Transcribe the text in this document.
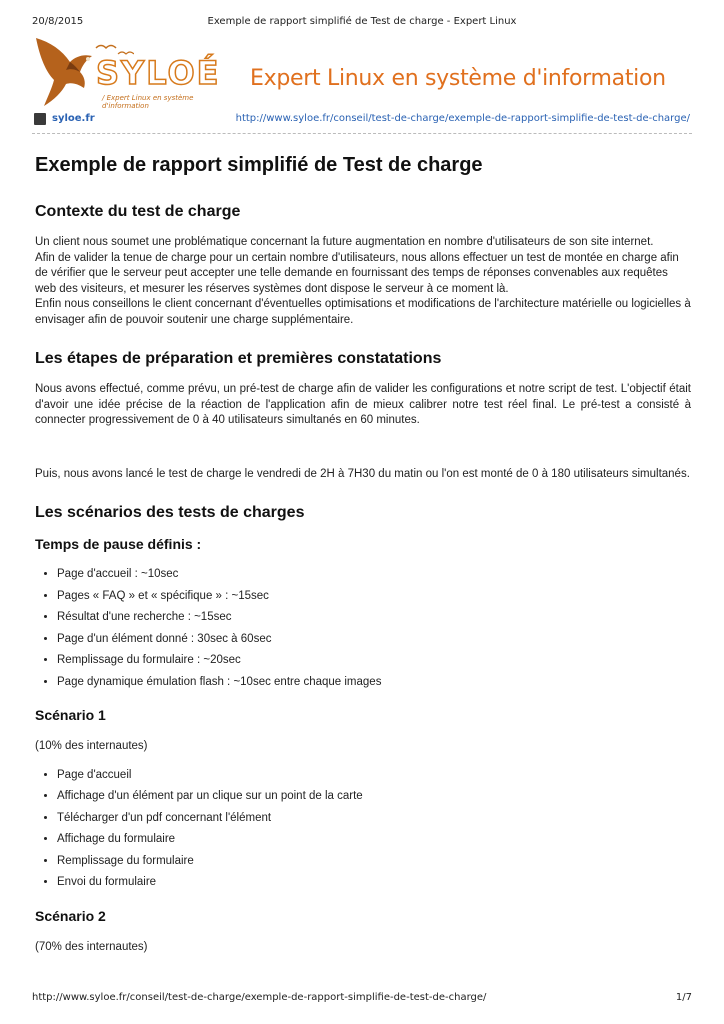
20/8/2015	Exemple de rapport simplifié de Test de charge - Expert Linux
SYLOÉ
/ Expert Linux en système d'information
Expert Linux en système d'information
syloe.fr	http://www.syloe.fr/conseil/test-de-charge/exemple-de-rapport-simplifie-de-test-de-charge/
Exemple de rapport simplifié de Test de charge
Contexte du test de charge

Un client nous soumet une problématique concernant la future augmentation en nombre d'utilisateurs de son site internet.
Afin de valider la tenue de charge pour un certain nombre d'utilisateurs, nous allons effectuer un test de montée en charge afin de vérifier que le serveur peut accepter une telle demande en fournissant des temps de réponses convenables aux requêtes web des visiteurs, et mesurer les réserves systèmes dont dispose le serveur à ce moment là.
Enfin nous conseillons le client concernant d'éventuelles optimisations et modifications de l'architecture matérielle ou logicielles à envisager afin de pouvoir soutenir une charge supplémentaire.

Les étapes de préparation et premières constatations

Nous avons effectué, comme prévu, un pré-test de charge afin de valider les configurations et notre script de test. L'objectif était d'avoir une idée précise de la réaction de l'application afin de mieux calibrer notre test réel final. Le pré-test a consisté à connecter progressivement de 0 à 40 utilisateurs simultanés en 60 minutes.

Puis, nous avons lancé le test de charge le vendredi de 2H à 7H30 du matin ou l'on est monté de 0 à 180 utilisateurs simultanés.

Les scénarios des tests de charges
Temps de pause définis :
• Page d'accueil : ~10sec
• Pages « FAQ » et « spécifique » : ~15sec
• Résultat d'une recherche : ~15sec
• Page d'un élément donné : 30sec à 60sec
• Remplissage du formulaire : ~20sec
• Page dynamique émulation flash : ~10sec entre chaque images
Scénario 1

(10% des internautes)

• Page d'accueil
• Affichage d'un élément par un clique sur un point de la carte
• Télécharger d'un pdf concernant l'élément
• Affichage du formulaire
• Remplissage du formulaire
• Envoi du formulaire
Scénario 2

(70% des internautes)

http://www.syloe.fr/conseil/test-de-charge/exemple-de-rapport-simplifie-de-test-de-charge/	1/7
